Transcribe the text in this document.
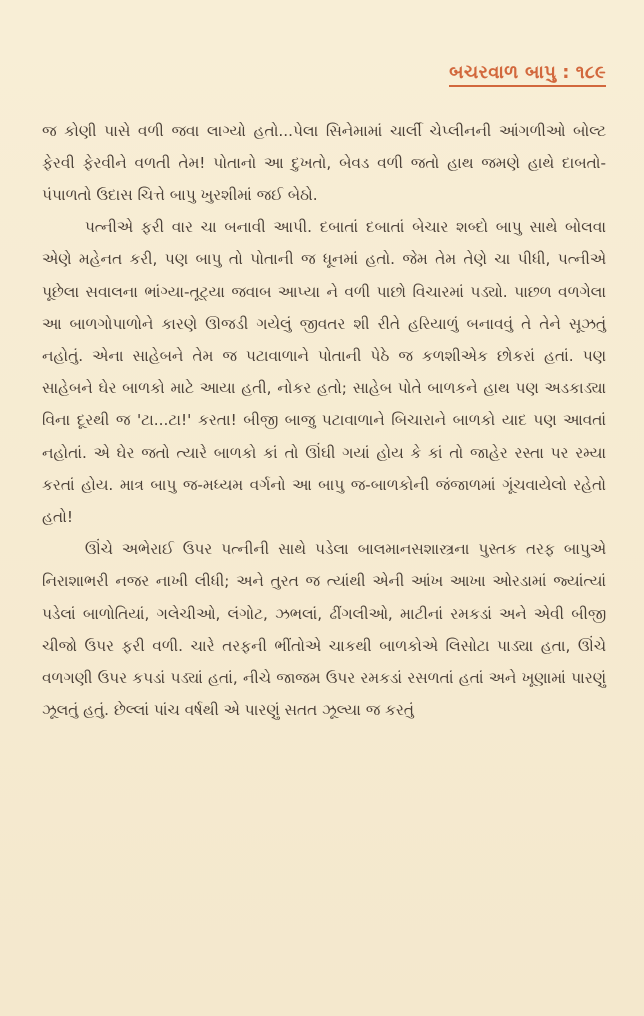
બચરવાળ બાપુ : ૧૮૯

જ કોણી પાસે વળી જવા લાગ્યો હતો...પેલા સિનેમામાં ચાર્લી ચેપ્લીનની આંગળીઓ બોલ્ટ ફેરવી ફેરવીને વળતી તેમ! પોતાનો આ દુખતો, બેવડ વળી જતો હાથ જમણે હાથે દાબતો-પંપાળતો ઉદાસ ચિત્તે બાપુ ખુરશીમાં જઈ બેઠો.

પત્નીએ ફરી વાર ચા બનાવી આપી. દબાતાં દબાતાં બેચાર શબ્દો બાપુ સાથે બોલવા એણે મહેનત કરી, પણ બાપુ તો પોતાની જ ધૂનમાં હતો. જેમ તેમ તેણે ચા પીધી, પત્નીએ પૂછેલા સવાલના ભાંગ્યા-તૂટ્યા જવાબ આપ્યા ને વળી પાછો વિચારમાં પડ્યો. પાછળ વળગેલા આ બાળગોપાળોને કારણે ઊજડી ગયેલું જીવતર શી રીતે હરિયાળું બનાવવું તે તેને સૂઝતું નહોતું. એના સાહેબને તેમ જ પટાવાળાને પોતાની પેઠે જ કળશીએક છોકરાં હતાં. પણ સાહેબને ઘેર બાળકો માટે આયા હતી, નોકર હતો; સાહેબ પોતે બાળકને હાથ પણ અડકાડ્યા વિના દૂરથી જ 'ટા...ટા!' કરતા! બીજી બાજુ પટાવાળાને બિચારાને બાળકો યાદ પણ આવતાં નહોતાં. એ ઘેર જતો ત્યારે બાળકો કાં તો ઊંઘી ગયાં હોય કે કાં તો જાહેર રસ્તા પર રમ્યા કરતાં હોય. માત્ર બાપુ જ-મધ્યમ વર્ગનો આ બાપુ જ-બાળકોની જંજાળમાં ગૂંચવાયેલો રહેતો હતો!

ઊંચે અભેરાઈ ઉપર પત્નીની સાથે પડેલા બાલમાનસશાસ્ત્રના પુસ્તક તરફ બાપુએ નિરાશાભરી નજર નાખી લીધી; અને તુરત જ ત્યાંથી એની આંખ આખા ઓરડામાં જ્યાંત્યાં પડેલાં બાળોતિયાં, ગલેચીઓ, લંગોટ, ઝભલાં, ઢીંગલીઓ, માટીનાં રમકડાં અને એવી બીજી ચીજો ઉપર ફરી વળી. ચારે તરફની ભીંતોએ ચાકથી બાળકોએ લિસોટા પાડ્યા હતા, ઊંચે વળગણી ઉપર કપડાં પડ્યાં હતાં, નીચે જાજમ ઉપર રમકડાં રસળતાં હતાં અને ખૂણામાં પારણું ઝૂલતું હતું. છેલ્લાં પાંચ વર્ષથી એ પારણું સતત ઝૂલ્યા જ કરતું
